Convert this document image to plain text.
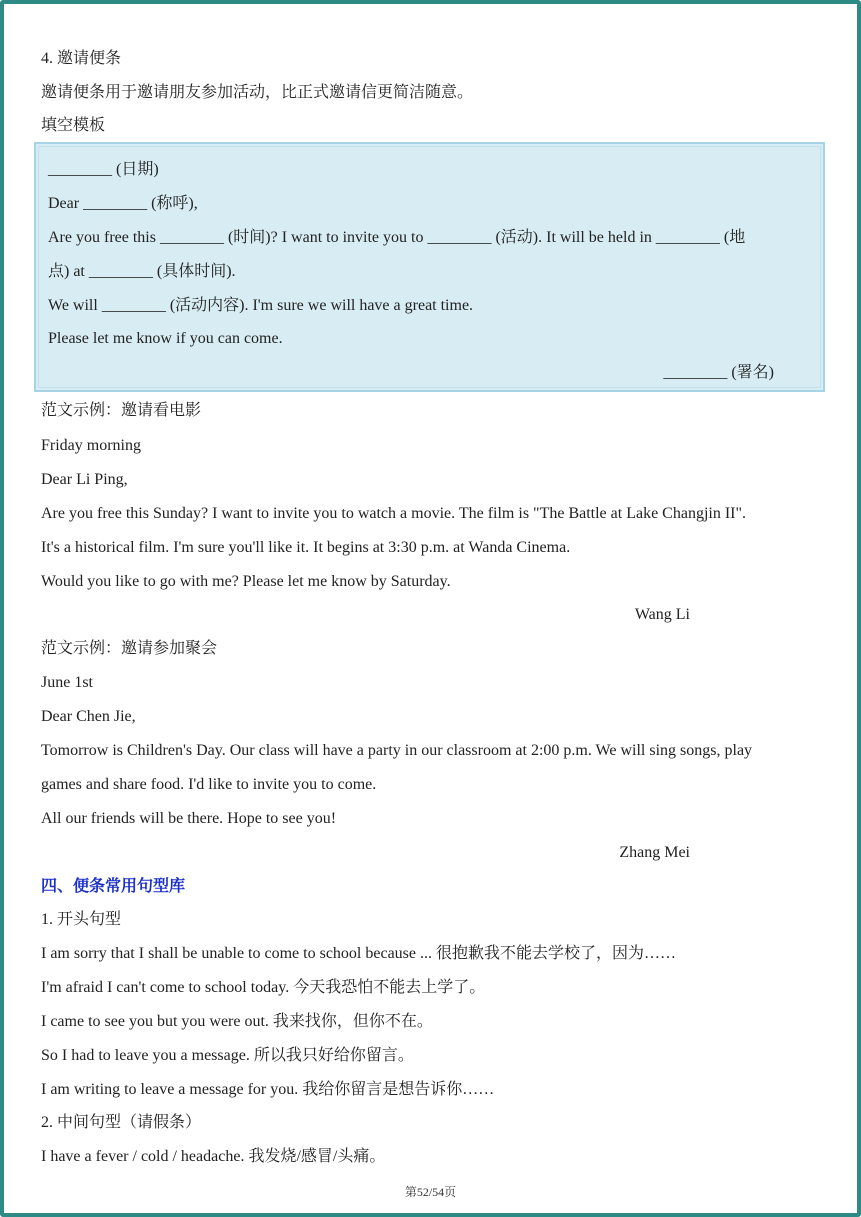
4. 邀请便条
邀请便条用于邀请朋友参加活动，比正式邀请信更简洁随意。
填空模板
________ (日期)
Dear ________ (称呼),
Are you free this ________ (时间)? I want to invite you to ________ (活动). It will be held in ________ (地
点) at ________ (具体时间).
We will ________ (活动内容). I'm sure we will have a great time.
Please let me know if you can come.
________ (署名)
范文示例：邀请看电影
Friday morning
Dear Li Ping,
Are you free this Sunday? I want to invite you to watch a movie. The film is "The Battle at Lake Changjin II".
It's a historical film. I'm sure you'll like it. It begins at 3:30 p.m. at Wanda Cinema.
Would you like to go with me? Please let me know by Saturday.
Wang Li
范文示例：邀请参加聚会
June 1st
Dear Chen Jie,
Tomorrow is Children's Day. Our class will have a party in our classroom at 2:00 p.m. We will sing songs, play
games and share food. I'd like to invite you to come.
All our friends will be there. Hope to see you!
Zhang Mei
四、便条常用句型库
1. 开头句型
I am sorry that I shall be unable to come to school because ... 很抱歉我不能去学校了，因为……
I'm afraid I can't come to school today. 今天我恐怕不能去上学了。
I came to see you but you were out. 我来找你，但你不在。
So I had to leave you a message. 所以我只好给你留言。
I am writing to leave a message for you. 我给你留言是想告诉你……
2. 中间句型（请假条）
I have a fever / cold / headache. 我发烧/感冒/头痛。
第52/54页
